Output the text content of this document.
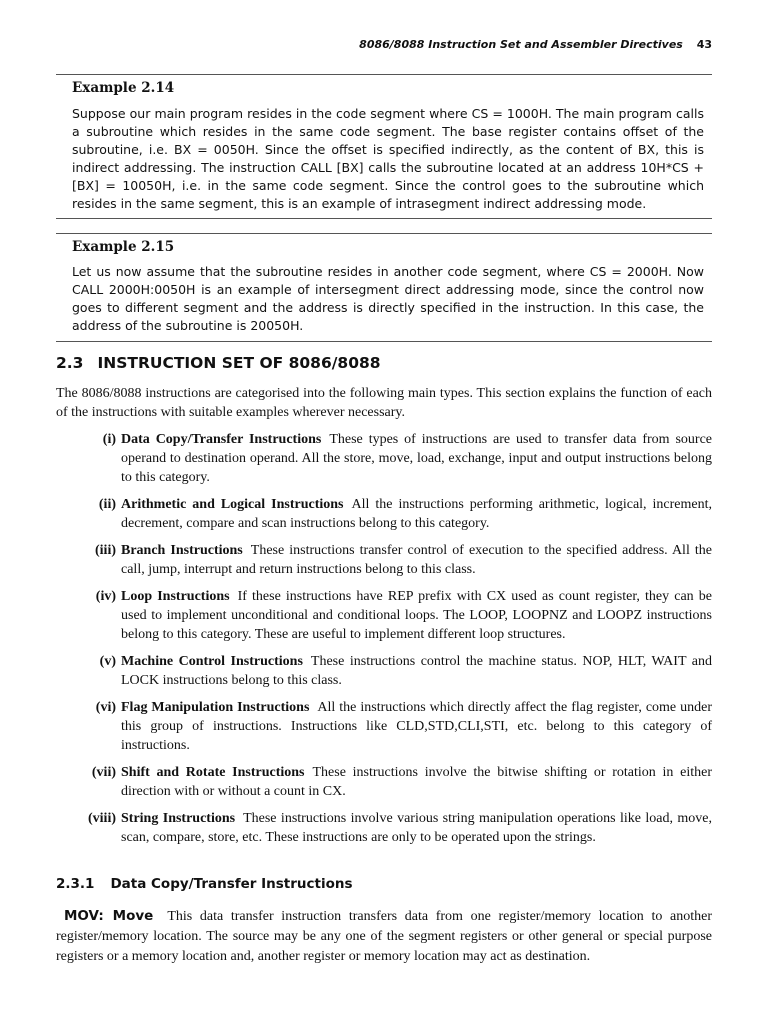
8086/8088 Instruction Set and Assembler Directives 43
Example 2.14
Suppose our main program resides in the code segment where CS = 1000H. The main program calls a subroutine which resides in the same code segment. The base register contains offset of the subroutine, i.e. BX = 0050H. Since the offset is specified indirectly, as the content of BX, this is indirect addressing. The instruction CALL [BX] calls the subroutine located at an address 10H*CS + [BX] = 10050H, i.e. in the same code segment. Since the control goes to the subroutine which resides in the same segment, this is an example of intrasegment indirect addressing mode.
Example 2.15
Let us now assume that the subroutine resides in another code segment, where CS = 2000H. Now CALL 2000H:0050H is an example of intersegment direct addressing mode, since the control now goes to different segment and the address is directly specified in the instruction. In this case, the address of the subroutine is 20050H.
2.3 INSTRUCTION SET OF 8086/8088
The 8086/8088 instructions are categorised into the following main types. This section explains the function of each of the instructions with suitable examples wherever necessary.
(i) Data Copy/Transfer Instructions These types of instructions are used to transfer data from source operand to destination operand. All the store, move, load, exchange, input and output instructions belong to this category.
(ii) Arithmetic and Logical Instructions All the instructions performing arithmetic, logical, increment, decrement, compare and scan instructions belong to this category.
(iii) Branch Instructions These instructions transfer control of execution to the specified address. All the call, jump, interrupt and return instructions belong to this class.
(iv) Loop Instructions If these instructions have REP prefix with CX used as count register, they can be used to implement unconditional and conditional loops. The LOOP, LOOPNZ and LOOPZ instructions belong to this category. These are useful to implement different loop structures.
(v) Machine Control Instructions These instructions control the machine status. NOP, HLT, WAIT and LOCK instructions belong to this class.
(vi) Flag Manipulation Instructions All the instructions which directly affect the flag register, come under this group of instructions. Instructions like CLD,STD,CLI,STI, etc. belong to this category of instructions.
(vii) Shift and Rotate Instructions These instructions involve the bitwise shifting or rotation in either direction with or without a count in CX.
(viii) String Instructions These instructions involve various string manipulation operations like load, move, scan, compare, store, etc. These instructions are only to be operated upon the strings.
2.3.1 Data Copy/Transfer Instructions
MOV: Move This data transfer instruction transfers data from one register/memory location to another register/memory location. The source may be any one of the segment registers or other general or special purpose registers or a memory location and, another register or memory location may act as destination.
